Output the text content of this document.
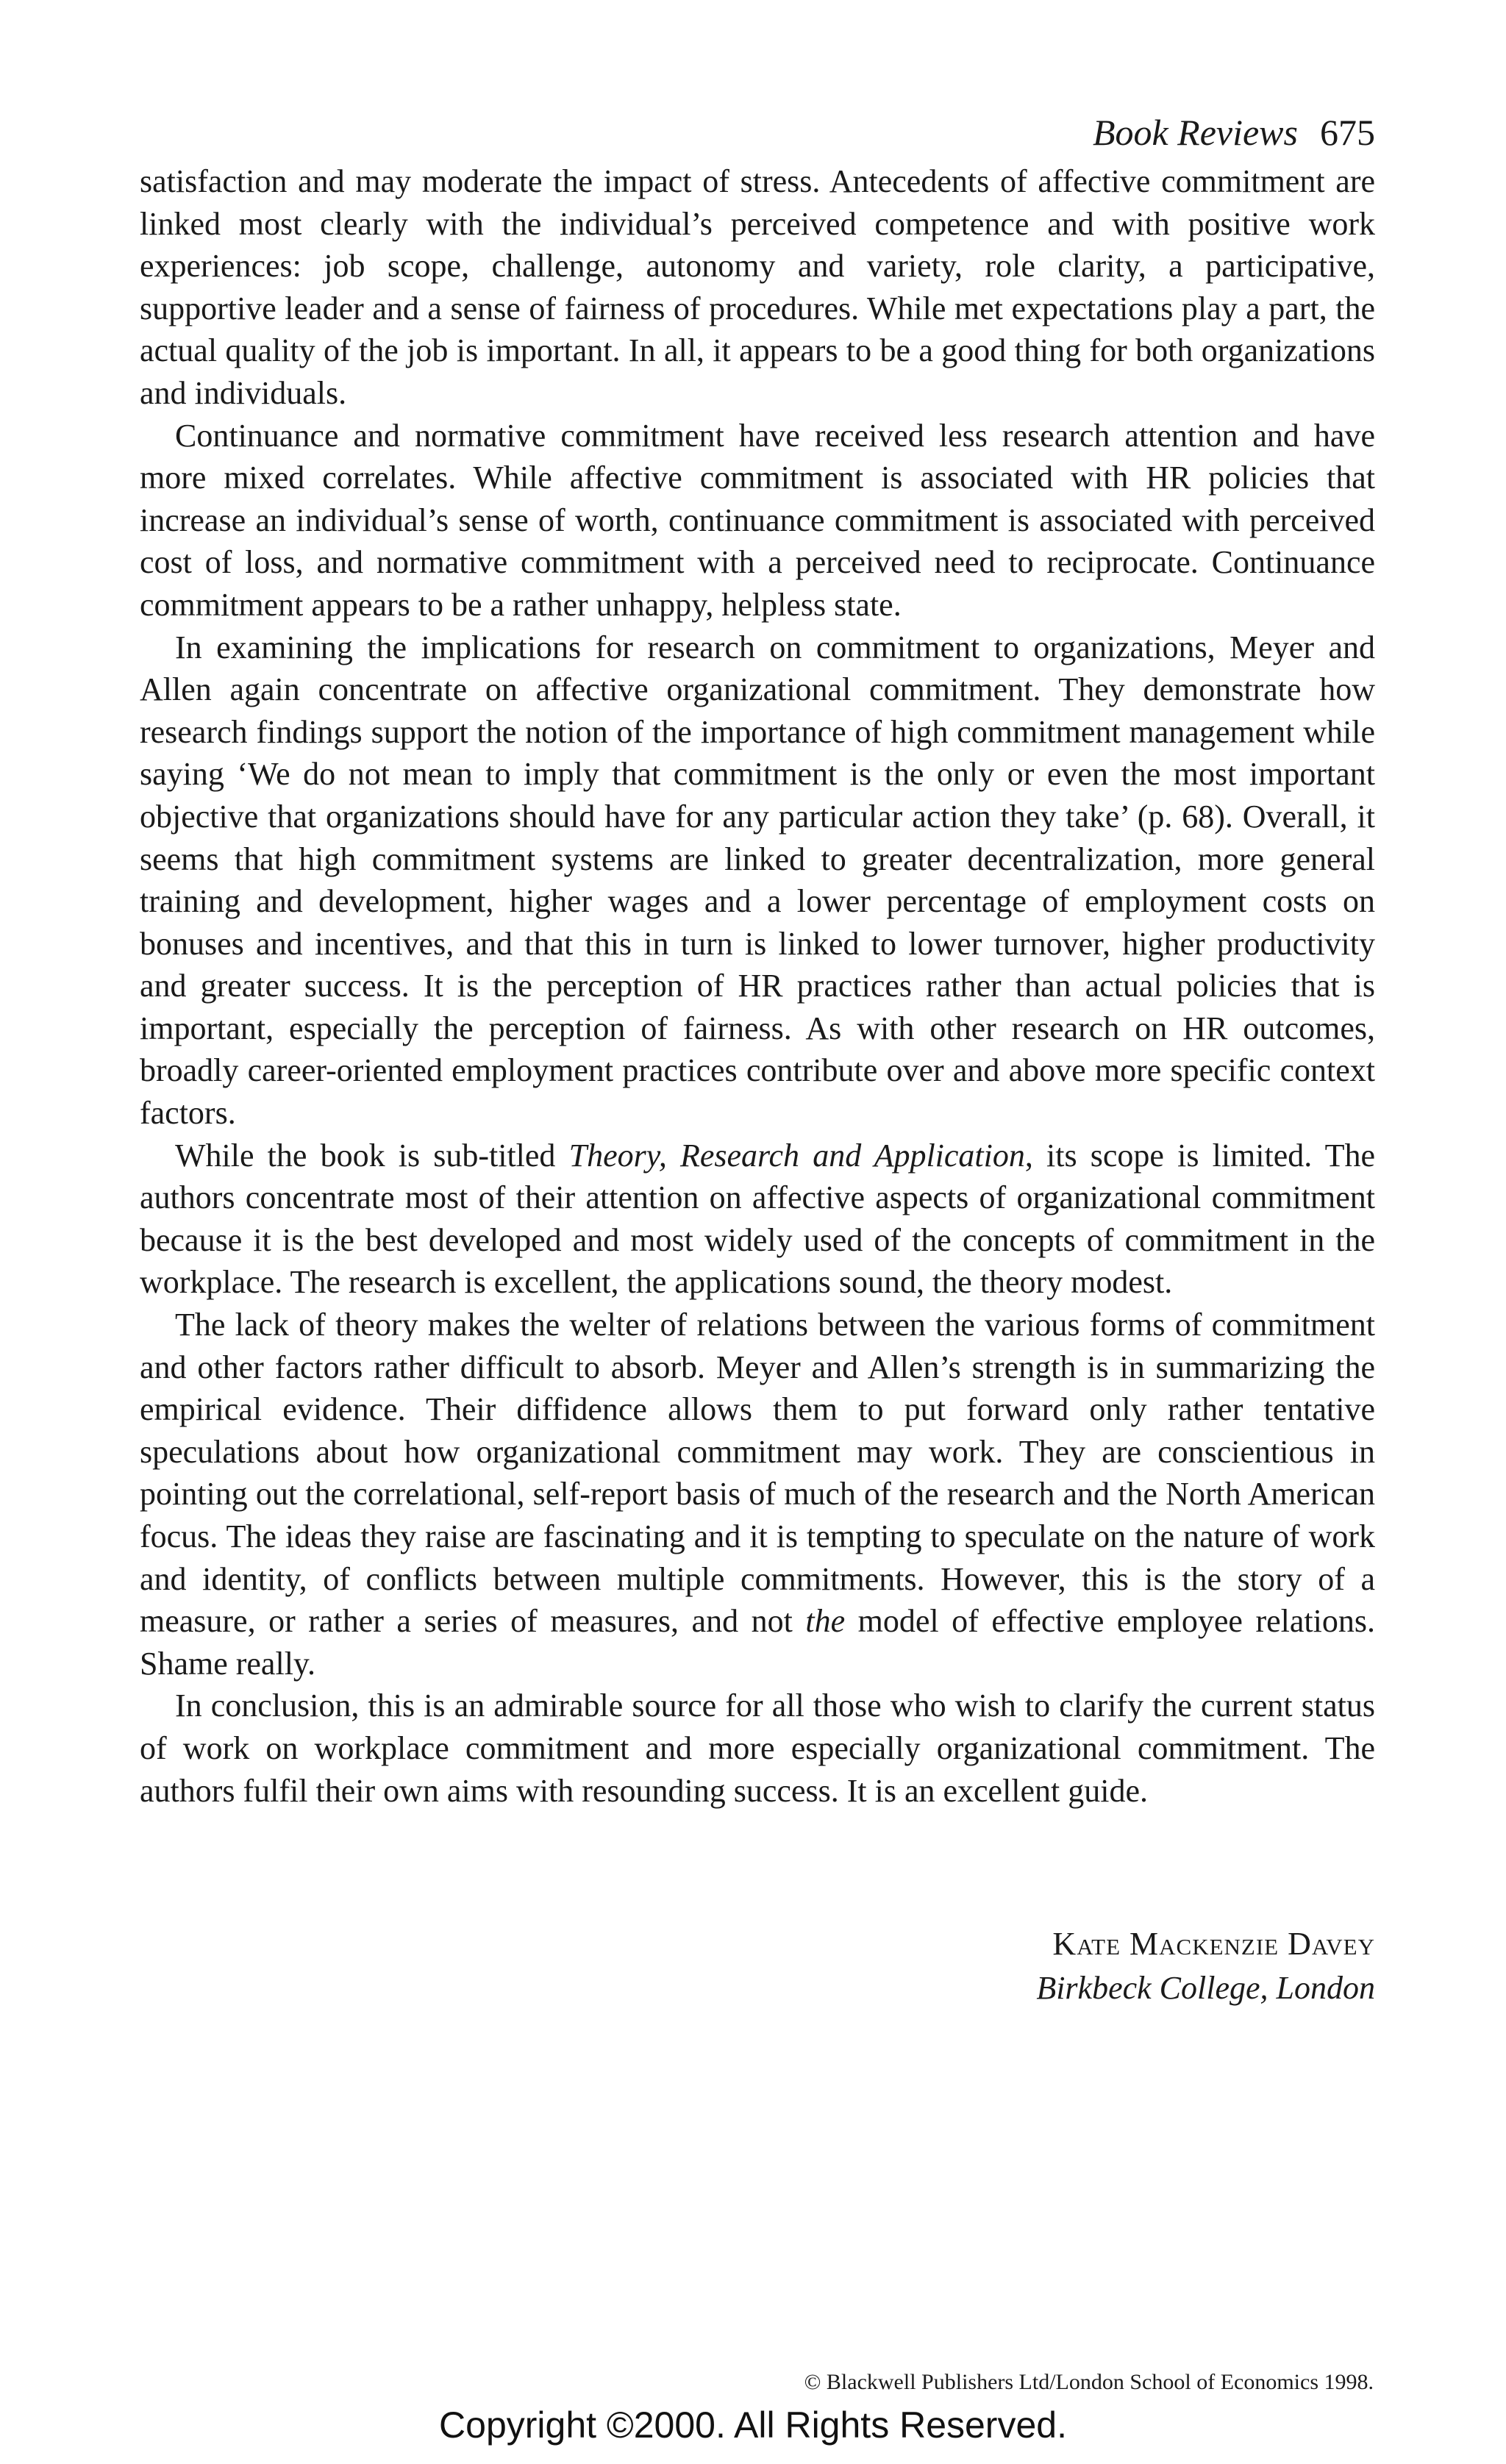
Book Reviews 675

satisfaction and may moderate the impact of stress. Antecedents of affective commitment are linked most clearly with the individual’s perceived competence and with positive work experiences: job scope, challenge, autonomy and variety, role clarity, a participative, supportive leader and a sense of fairness of procedures. While met expectations play a part, the actual quality of the job is important. In all, it appears to be a good thing for both organizations and individuals.

Continuance and normative commitment have received less research attention and have more mixed correlates. While affective commitment is associated with HR policies that increase an individual’s sense of worth, continuance commitment is associated with perceived cost of loss, and normative commitment with a perceived need to reciprocate. Continuance commitment appears to be a rather unhappy, helpless state.

In examining the implications for research on commitment to organizations, Meyer and Allen again concentrate on affective organizational commitment. They demonstrate how research findings support the notion of the importance of high commitment management while saying ‘We do not mean to imply that commitment is the only or even the most important objective that organizations should have for any particular action they take’ (p. 68). Overall, it seems that high commitment systems are linked to greater decentralization, more general training and development, higher wages and a lower percentage of employment costs on bonuses and incentives, and that this in turn is linked to lower turnover, higher productivity and greater success. It is the perception of HR practices rather than actual policies that is important, especially the perception of fairness. As with other research on HR outcomes, broadly career-oriented employment practices contribute over and above more specific context factors.

While the book is sub-titled Theory, Research and Application, its scope is limited. The authors concentrate most of their attention on affective aspects of organizational commitment because it is the best developed and most widely used of the concepts of commitment in the workplace. The research is excellent, the applications sound, the theory modest.

The lack of theory makes the welter of relations between the various forms of commitment and other factors rather difficult to absorb. Meyer and Allen’s strength is in summarizing the empirical evidence. Their diffidence allows them to put forward only rather tentative speculations about how organizational commitment may work. They are conscientious in pointing out the correlational, self-report basis of much of the research and the North American focus. The ideas they raise are fascinating and it is tempting to speculate on the nature of work and identity, of conflicts between multiple commitments. However, this is the story of a measure, or rather a series of measures, and not the model of effective employee relations. Shame really.

In conclusion, this is an admirable source for all those who wish to clarify the current status of work on workplace commitment and more especially organizational commitment. The authors fulfil their own aims with resounding success. It is an excellent guide.

Kate Mackenzie Davey
Birkbeck College, London
© Blackwell Publishers Ltd/London School of Economics 1998.
Copyright ©2000. All Rights Reserved.
